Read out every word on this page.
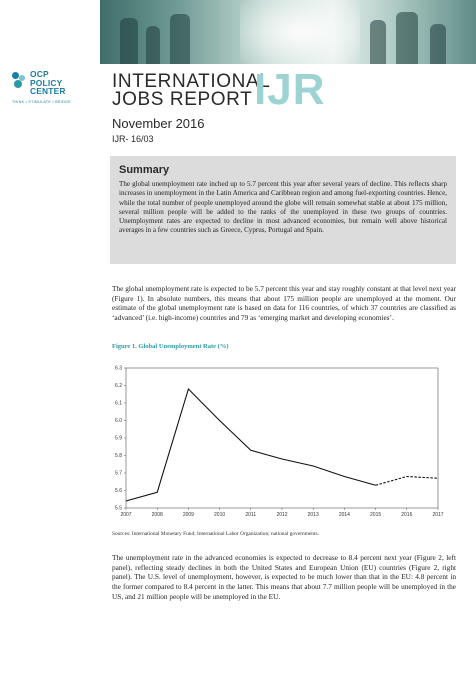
OCP
POLICY
CENTER
THINK • STIMULATE • BRIDGE
INTERNATIONAL
JOBS REPORT IJR
November 2016
IJR- 16/03
Summary

The global unemployment rate inched up to 5.7 percent this year after several years of decline. This reflects sharp increases in unemployment in the Latin America and Caribbean region and among fuel-exporting countries. Hence, while the total number of people unemployed around the globe will remain somewhat stable at about 175 million, several million people will be added to the ranks of the unemployed in these two groups of countries. Unemployment rates are expected to decline in most advanced economies, but remain well above historical averages in a few countries such as Greece, Cyprus, Portugal and Spain.

The global unemployment rate is expected to be 5.7 percent this year and stay roughly constant at that level next year (Figure 1). In absolute numbers, this means that about 175 million people are unemployed at the moment. Our estimate of the global unemployment rate is based on data for 116 countries, of which 37 countries are classified as ‘advanced’ (i.e. high-income) countries and 79 as ‘emerging market and developing economies’.

Figure 1. Global Unemployment Rate (%)
5.5
5.6
5.7
5.8
5.9
6.0
6.1
6.2
6.3
2007	2008	2009	2010	2011	2012	2013	2014	2015	2016	2017
Sources: International Monetary Fund; International Labor Organization; national governments.

The unemployment rate in the advanced economies is expected to decrease to 8.4 percent next year (Figure 2, left panel), reflecting steady declines in both the United States and European Union (EU) countries (Figure 2, right panel). The U.S. level of unemployment, however, is expected to be much lower than that in the EU: 4.8 percent in the former compared to 8.4 percent in the latter. This means that about 7.7 million people will be unemployed in the US, and 21 million people will be unemployed in the EU.
